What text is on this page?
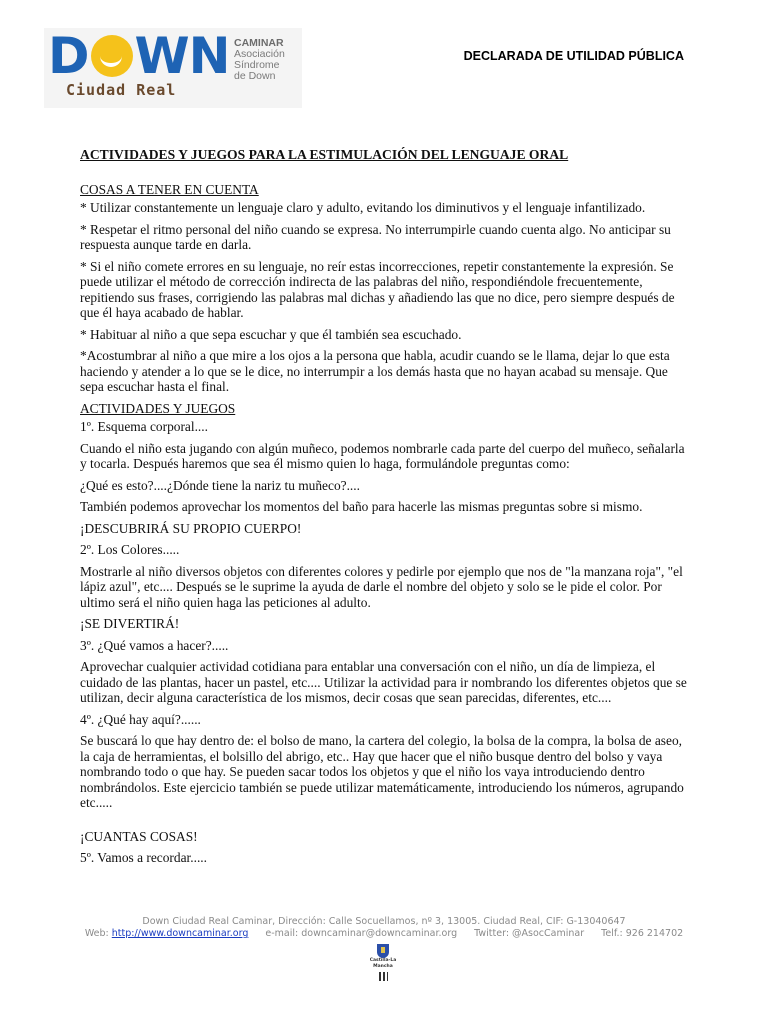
D WN
Ciudad Real
CAMINAR
Asociación
Síndrome
de Down
DECLARADA DE UTILIDAD PÚBLICA
ACTIVIDADES Y JUEGOS PARA LA ESTIMULACIÓN DEL LENGUAJE ORAL
COSAS A TENER EN CUENTA
* Utilizar constantemente un lenguaje claro y adulto, evitando los diminutivos y el lenguaje infantilizado.
* Respetar el ritmo personal del niño cuando se expresa. No interrumpirle cuando cuenta algo. No anticipar su respuesta aunque tarde en darla.
* Si el niño comete errores en su lenguaje, no reír estas incorrecciones, repetir constantemente la expresión. Se puede utilizar el método de corrección indirecta de las palabras del niño, respondiéndole frecuentemente, repitiendo sus frases, corrigiendo las palabras mal dichas y añadiendo las que no dice, pero siempre después de que él haya acabado de hablar.
* Habituar al niño a que sepa escuchar y que él también sea escuchado.
*Acostumbrar al niño a que mire a los ojos a la persona que habla, acudir cuando se le llama, dejar lo que esta haciendo y atender a lo que se le dice, no interrumpir a los demás hasta que no hayan acabad su mensaje. Que sepa escuchar hasta el final.
ACTIVIDADES Y JUEGOS
1º. Esquema corporal....
Cuando el niño esta jugando con algún muñeco, podemos nombrarle cada parte del cuerpo del muñeco, señalarla y tocarla. Después haremos que sea él mismo quien lo haga, formulándole preguntas como:
¿Qué es esto?....¿Dónde tiene la nariz tu muñeco?....
También podemos aprovechar los momentos del baño para hacerle las mismas preguntas sobre si mismo.
¡DESCUBRIRÁ SU PROPIO CUERPO!
2º. Los Colores.....
Mostrarle al niño diversos objetos con diferentes colores y pedirle por ejemplo que nos de "la manzana roja", "el lápiz azul", etc.... Después se le suprime la ayuda de darle el nombre del objeto y solo se le pide el color. Por ultimo será el niño quien haga las peticiones al adulto.
¡SE DIVERTIRÁ!
3º. ¿Qué vamos a hacer?.....
Aprovechar cualquier actividad cotidiana para entablar una conversación con el niño, un día de limpieza, el cuidado de las plantas, hacer un pastel, etc.... Utilizar la actividad para ir nombrando los diferentes objetos que se utilizan, decir alguna característica de los mismos, decir cosas que sean parecidas, diferentes, etc....
4º. ¿Qué hay aquí?......
Se buscará lo que hay dentro de: el bolso de mano, la cartera del colegio, la bolsa de la compra, la bolsa de aseo, la caja de herramientas, el bolsillo del abrigo, etc.. Hay que hacer que el niño busque dentro del bolso y vaya nombrando todo o que hay. Se pueden sacar todos los objetos y que el niño los vaya introduciendo dentro nombrándolos. Este ejercicio también se puede utilizar matemáticamente, introduciendo los números, agrupando etc.....
¡CUANTAS COSAS!
5º. Vamos a recordar.....
Down Ciudad Real Caminar, Dirección: Calle Socuellamos, nº 3, 13005. Ciudad Real, CIF: G-13040647
Web: http://www.downcaminar.org e-mail: downcaminar@downcaminar.org Twitter: @AsocCaminar Telf.: 926 214702
Castilla-La Mancha
